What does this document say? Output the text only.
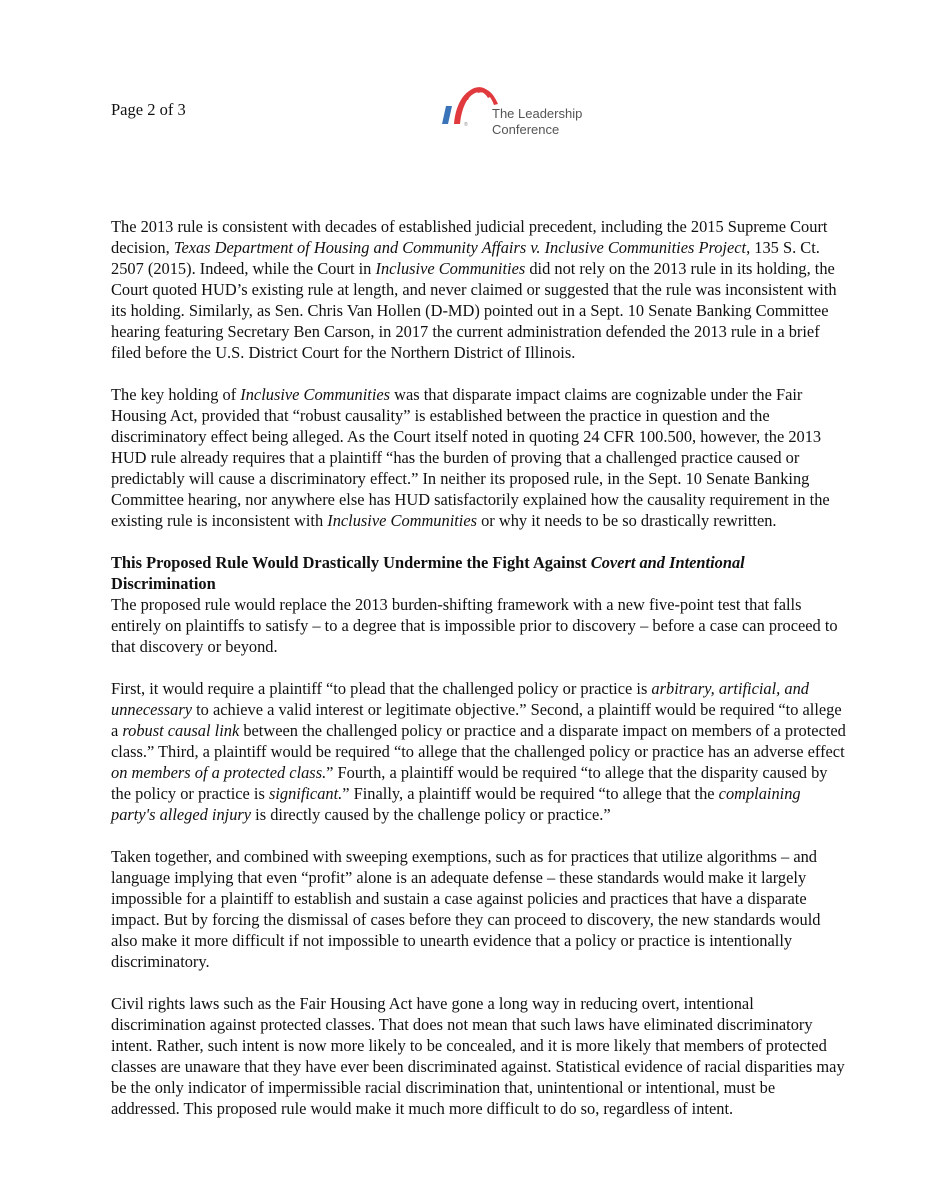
Page 2 of 3
®
The Leadership
Conference

The 2013 rule is consistent with decades of established judicial precedent, including the 2015 Supreme Court decision, Texas Department of Housing and Community Affairs v. Inclusive Communities Project, 135 S. Ct. 2507 (2015). Indeed, while the Court in Inclusive Communities did not rely on the 2013 rule in its holding, the Court quoted HUD’s existing rule at length, and never claimed or suggested that the rule was inconsistent with its holding. Similarly, as Sen. Chris Van Hollen (D-MD) pointed out in a Sept. 10 Senate Banking Committee hearing featuring Secretary Ben Carson, in 2017 the current administration defended the 2013 rule in a brief filed before the U.S. District Court for the Northern District of Illinois.

The key holding of Inclusive Communities was that disparate impact claims are cognizable under the Fair Housing Act, provided that “robust causality” is established between the practice in question and the discriminatory effect being alleged. As the Court itself noted in quoting 24 CFR 100.500, however, the 2013 HUD rule already requires that a plaintiff “has the burden of proving that a challenged practice caused or predictably will cause a discriminatory effect.” In neither its proposed rule, in the Sept. 10 Senate Banking Committee hearing, nor anywhere else has HUD satisfactorily explained how the causality requirement in the existing rule is inconsistent with Inclusive Communities or why it needs to be so drastically rewritten.

This Proposed Rule Would Drastically Undermine the Fight Against Covert and Intentional Discrimination

The proposed rule would replace the 2013 burden-shifting framework with a new five-point test that falls entirely on plaintiffs to satisfy – to a degree that is impossible prior to discovery – before a case can proceed to that discovery or beyond.

First, it would require a plaintiff “to plead that the challenged policy or practice is arbitrary, artificial, and unnecessary to achieve a valid interest or legitimate objective.” Second, a plaintiff would be required “to allege a robust causal link between the challenged policy or practice and a disparate impact on members of a protected class.” Third, a plaintiff would be required “to allege that the challenged policy or practice has an adverse effect on members of a protected class.” Fourth, a plaintiff would be required “to allege that the disparity caused by the policy or practice is significant.” Finally, a plaintiff would be required “to allege that the complaining party's alleged injury is directly caused by the challenge policy or practice.”

Taken together, and combined with sweeping exemptions, such as for practices that utilize algorithms – and language implying that even “profit” alone is an adequate defense – these standards would make it largely impossible for a plaintiff to establish and sustain a case against policies and practices that have a disparate impact. But by forcing the dismissal of cases before they can proceed to discovery, the new standards would also make it more difficult if not impossible to unearth evidence that a policy or practice is intentionally discriminatory.

Civil rights laws such as the Fair Housing Act have gone a long way in reducing overt, intentional discrimination against protected classes. That does not mean that such laws have eliminated discriminatory intent. Rather, such intent is now more likely to be concealed, and it is more likely that members of protected classes are unaware that they have ever been discriminated against. Statistical evidence of racial disparities may be the only indicator of impermissible racial discrimination that, unintentional or intentional, must be addressed. This proposed rule would make it much more difficult to do so, regardless of intent.
